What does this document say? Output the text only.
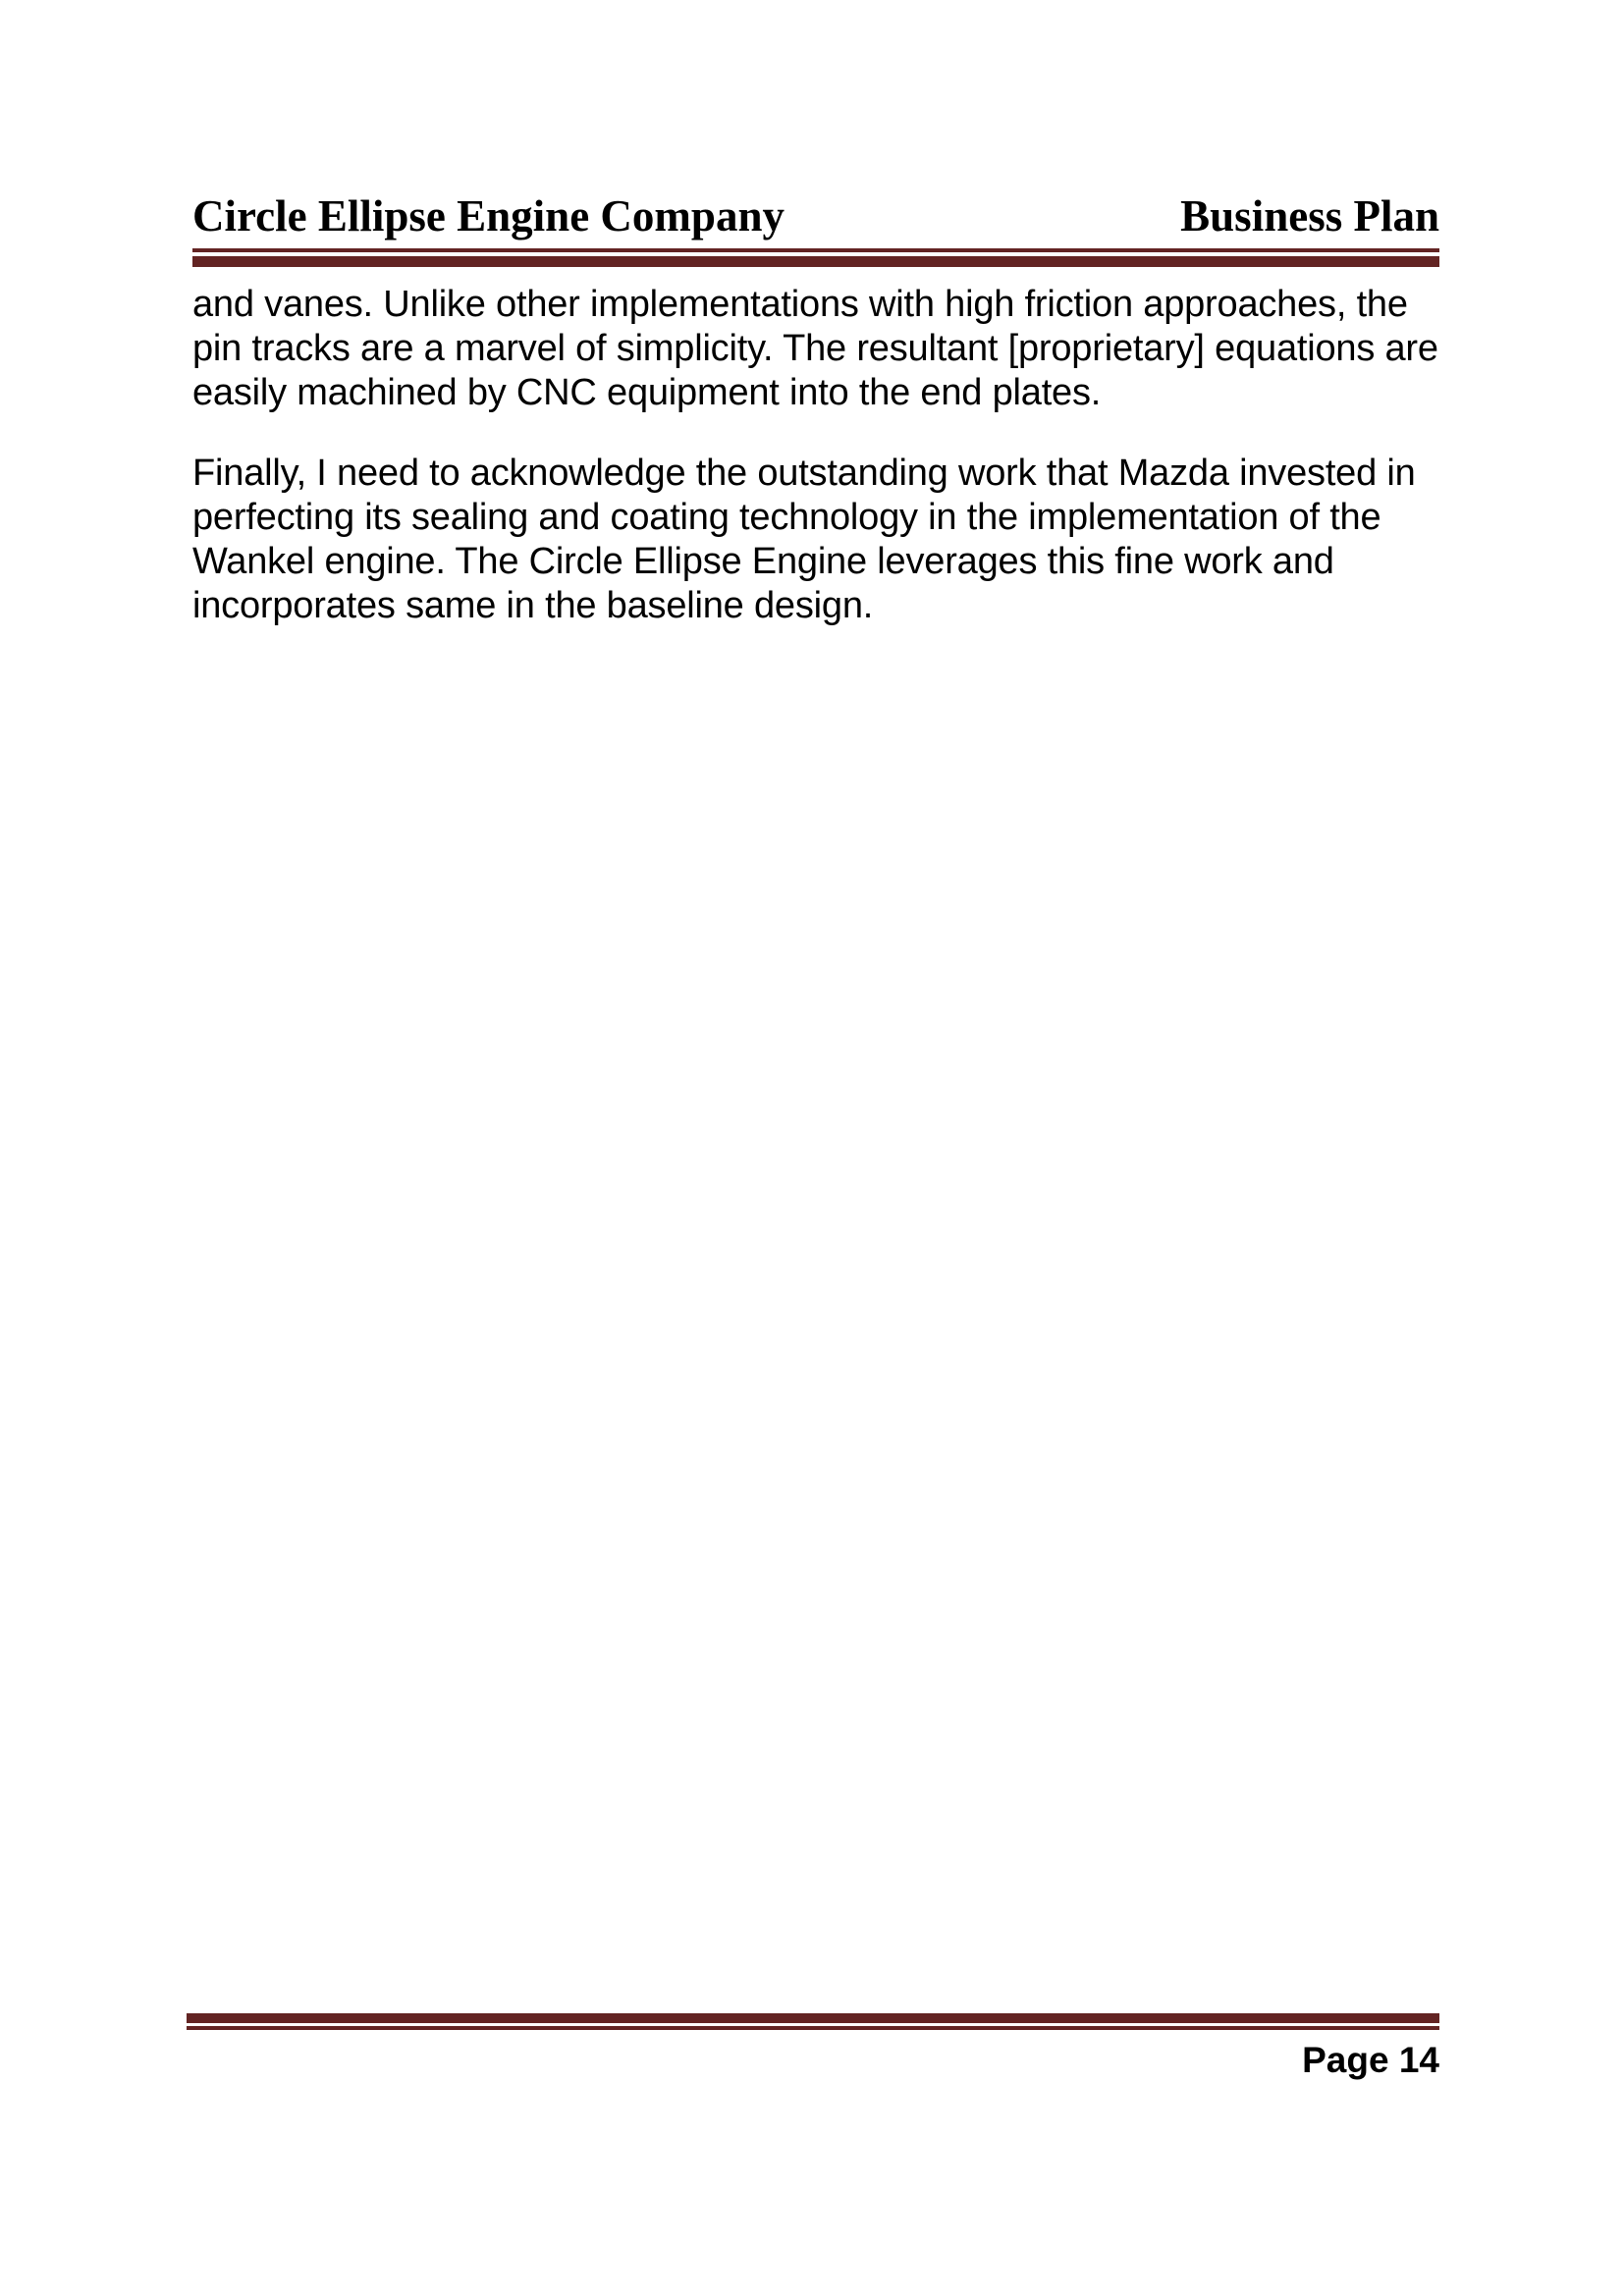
Circle Ellipse Engine Company	Business Plan

and vanes. Unlike other implementations with high friction approaches, the pin tracks are a marvel of simplicity. The resultant [proprietary] equations are easily machined by CNC equipment into the end plates.

Finally, I need to acknowledge the outstanding work that Mazda invested in perfecting its sealing and coating technology in the implementation of the Wankel engine. The Circle Ellipse Engine leverages this fine work and incorporates same in the baseline design.

Page 14
